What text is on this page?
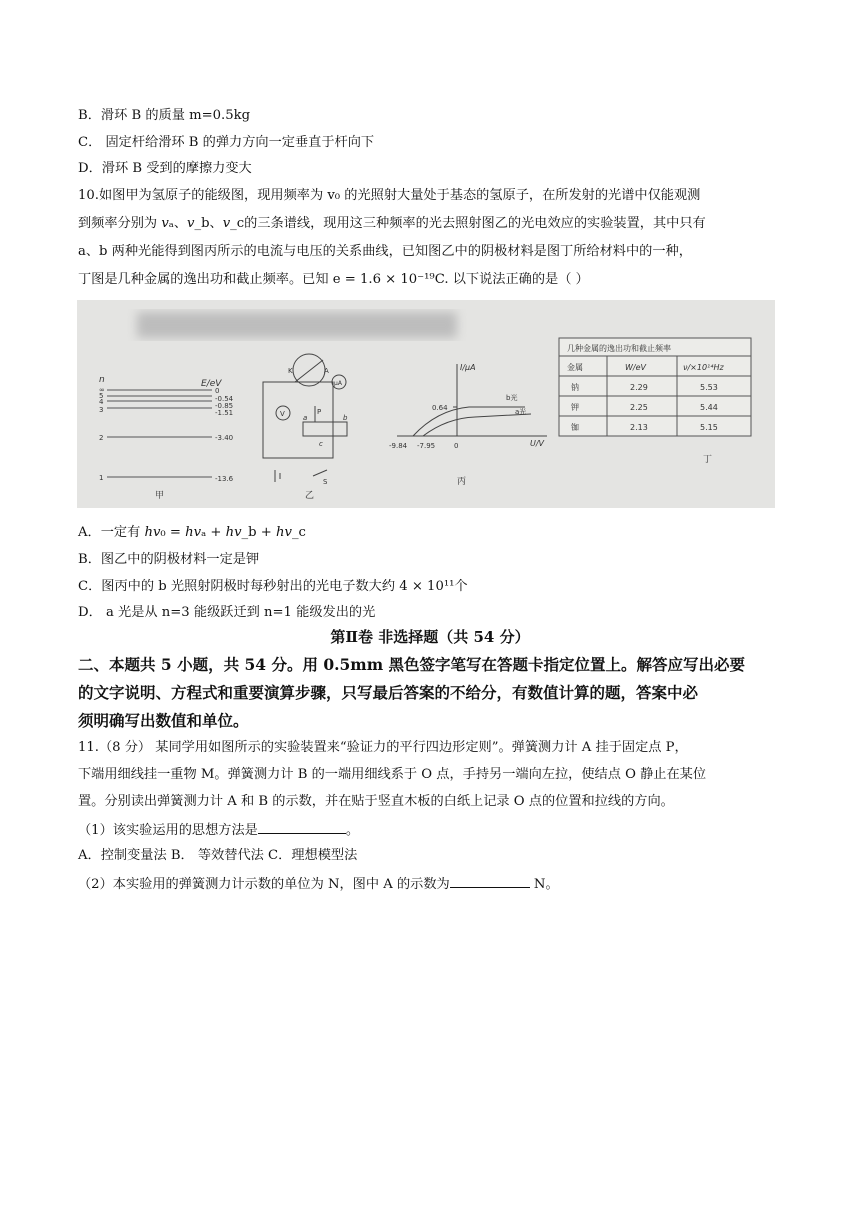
B．滑环 B 的质量 m=0.5kg
C． 固定杆给滑环 B 的弹力方向一定垂直于杆向下
D．滑环 B 受到的摩擦力变大
10.如图甲为氢原子的能级图，现用频率为 v₀ 的光照射大量处于基态的氢原子，在所发射的光谱中仅能观测
到频率分别为 𝑣ₐ、𝑣_b、𝑣_c的三条谱线，现用这三种频率的光去照射图乙的光电效应的实验装置，其中只有
a、b 两种光能得到图丙所示的电流与电压的关系曲线，已知图乙中的阴极材料是图丁所给材料中的一种，
丁图是几种金属的逸出功和截止频率。已知 e = 1.6 × 10⁻¹⁹C. 以下说法正确的是（ ）
n	E/eV
∞
5
4
3
2
1
0
-0.54
-0.85
-1.51
-3.40
-13.6
甲
K	A
μA
V	P
a	b
c
S
乙
I/μA
U/V
0.64
-9.84 -7.95	0
b光
a光
丙
几种金属的逸出功和截止频率
金属	W/eV	ν/×10¹⁴Hz
钠	2.29	5.53
钾	2.25	5.44
铷	2.13	5.15
丁
A．一定有 ℎ𝑣₀ = ℎ𝑣ₐ + ℎ𝑣_b + ℎ𝑣_c
B．图乙中的阴极材料一定是钾
C．图丙中的 b 光照射阴极时每秒射出的光电子数大约 4 × 10¹¹个
D． a 光是从 n=3 能级跃迁到 n=1 能级发出的光
第Ⅱ卷 非选择题（共 54 分）
二、本题共 5 小题，共 54 分。用 0.5mm 黑色签字笔写在答题卡指定位置上。解答应写出必要
的文字说明、方程式和重要演算步骤，只写最后答案的不给分，有数值计算的题，答案中必
须明确写出数值和单位。
11.（8 分） 某同学用如图所示的实验装置来“验证力的平行四边形定则”。弹簧测力计 A 挂于固定点 P，
下端用细线挂一重物 M。弹簧测力计 B 的一端用细线系于 O 点，手持另一端向左拉，使结点 O 静止在某位
置。分别读出弹簧测力计 A 和 B 的示数，并在贴于竖直木板的白纸上记录 O 点的位置和拉线的方向。
（1）该实验运用的思想方法是	。
A．控制变量法 B． 等效替代法 C．理想模型法
（2）本实验用的弹簧测力计示数的单位为 N，图中 A 的示数为	N。
